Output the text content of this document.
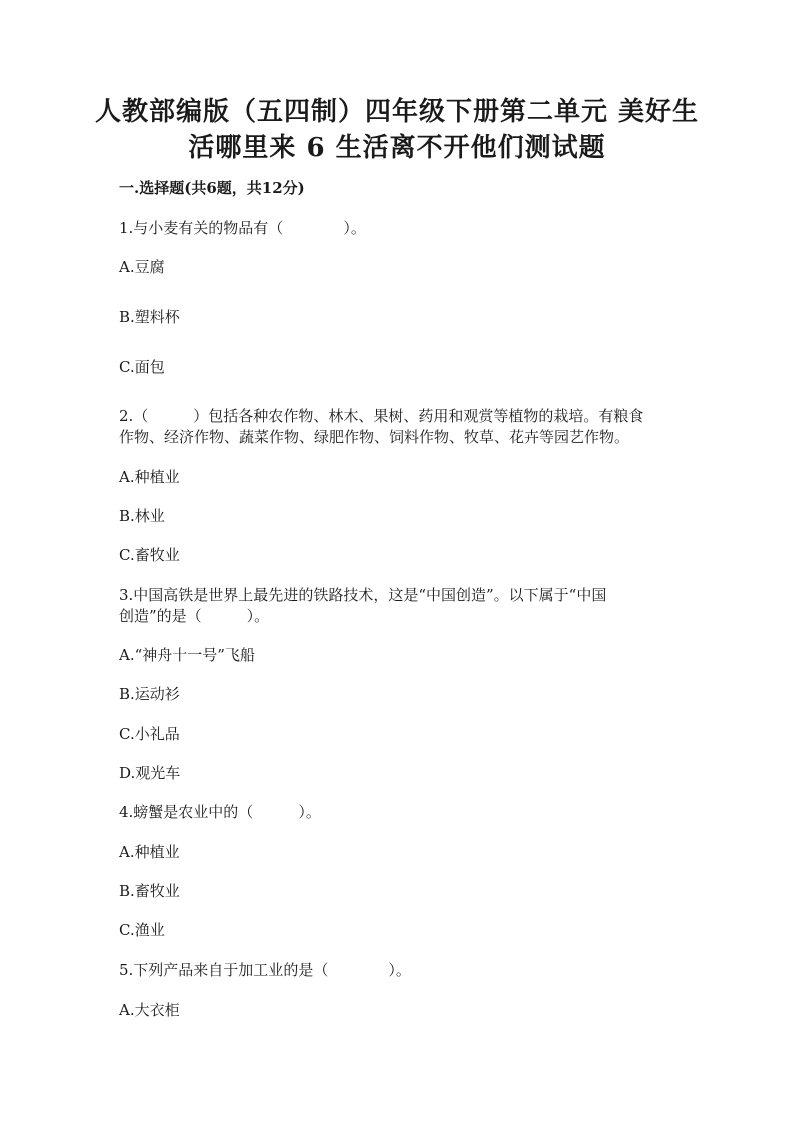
人教部编版（五四制）四年级下册第二单元 美好生
活哪里来 6 生活离不开他们测试题
一.选择题(共6题，共12分)
1.与小麦有关的物品有（　　　　）。
A.豆腐
B.塑料杯
C.面包
2.（　　　）包括各种农作物、林木、果树、药用和观赏等植物的栽培。有粮食
作物、经济作物、蔬菜作物、绿肥作物、饲料作物、牧草、花卉等园艺作物。
A.种植业
B.林业
C.畜牧业
3.中国高铁是世界上最先进的铁路技术，这是“中国创造”。以下属于“中国
创造”的是（　　　）。
A.“神舟十一号”飞船
B.运动衫
C.小礼品
D.观光车
4.螃蟹是农业中的（　　　）。
A.种植业
B.畜牧业
C.渔业
5.下列产品来自于加工业的是（　　　　）。
A.大衣柜
